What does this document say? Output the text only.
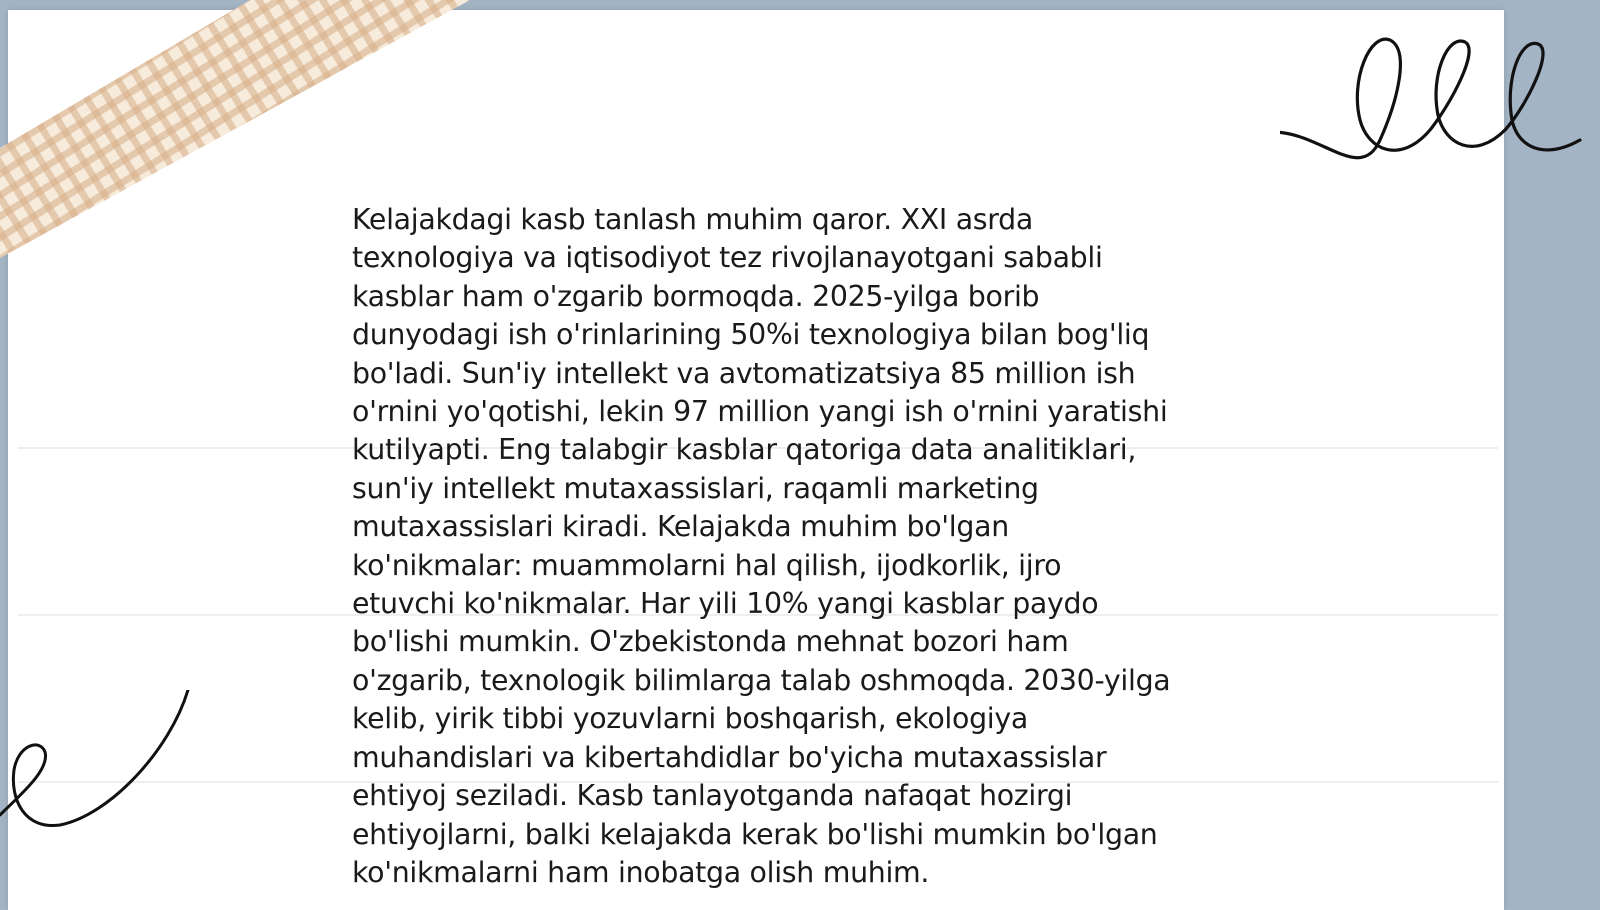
Kelajakdagi kasb tanlash muhim qaror. XXI asrda
texnologiya va iqtisodiyot tez rivojlanayotgani sababli
kasblar ham o'zgarib bormoqda. 2025-yilga borib
dunyodagi ish o'rinlarining 50%i texnologiya bilan bog'liq
bo'ladi. Sun'iy intellekt va avtomatizatsiya 85 million ish
o'rnini yo'qotishi, lekin 97 million yangi ish o'rnini yaratishi
kutilyapti. Eng talabgir kasblar qatoriga data analitiklari,
sun'iy intellekt mutaxassislari, raqamli marketing
mutaxassislari kiradi. Kelajakda muhim bo'lgan
ko'nikmalar: muammolarni hal qilish, ijodkorlik, ijro
etuvchi ko'nikmalar. Har yili 10% yangi kasblar paydo
bo'lishi mumkin. O'zbekistonda mehnat bozori ham
o'zgarib, texnologik bilimlarga talab oshmoqda. 2030-yilga
kelib, yirik tibbi yozuvlarni boshqarish, ekologiya
muhandislari va kibertahdidlar bo'yicha mutaxassislar
ehtiyoj seziladi. Kasb tanlayotganda nafaqat hozirgi
ehtiyojlarni, balki kelajakda kerak bo'lishi mumkin bo'lgan
ko'nikmalarni ham inobatga olish muhim.
